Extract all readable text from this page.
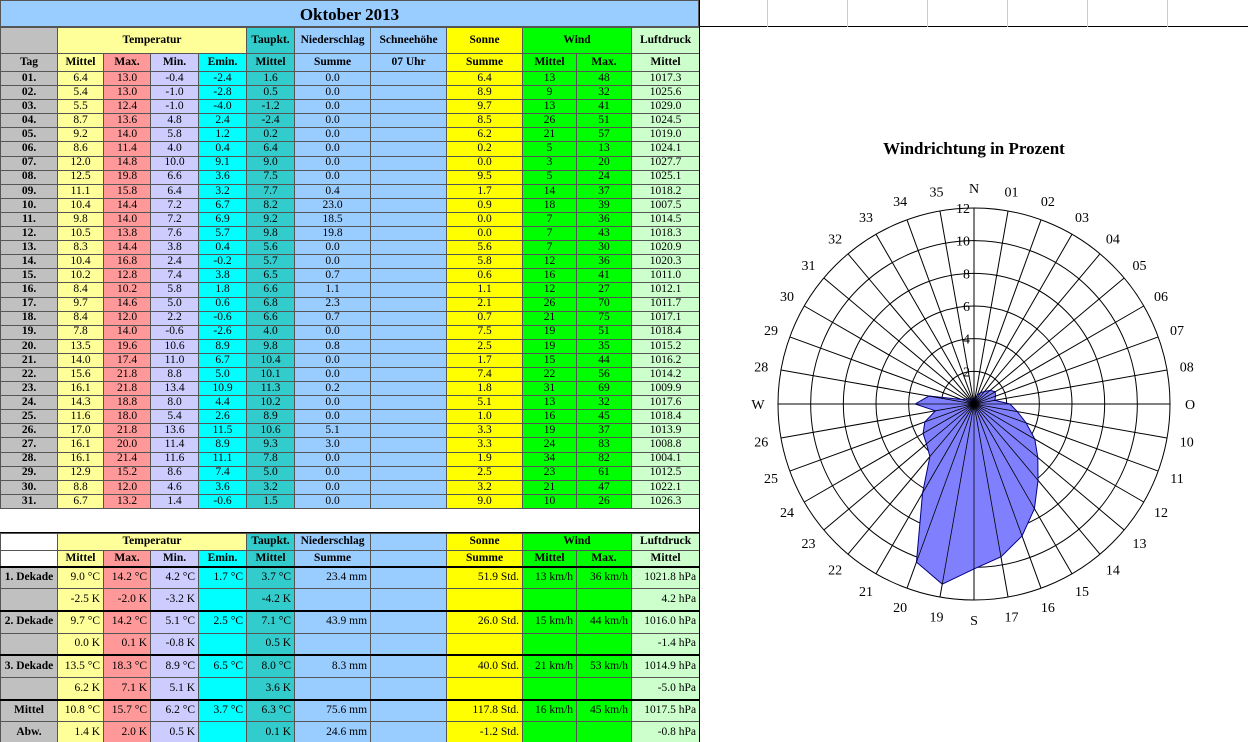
Oktober 2013
	Temperatur				Taupkt.	Niederschlag	Schneehöhe	Sonne	Wind		Luftdruck
Tag	Mittel	Max.	Min.	Emin.	Mittel	Summe	07 Uhr	Summe	Mittel	Max.	Mittel
01.	6.4	13.0	-0.4	-2.4	1.6	0.0		6.4	13	48	1017.3
02.	5.4	13.0	-1.0	-2.8	0.5	0.0		8.9	9	32	1025.6
03.	5.5	12.4	-1.0	-4.0	-1.2	0.0		9.7	13	41	1029.0
04.	8.7	13.6	4.8	2.4	-2.4	0.0		8.5	26	51	1024.5
05.	9.2	14.0	5.8	1.2	0.2	0.0		6.2	21	57	1019.0
06.	8.6	11.4	4.0	0.4	6.4	0.0		0.2	5	13	1024.1
07.	12.0	14.8	10.0	9.1	9.0	0.0		0.0	3	20	1027.7
08.	12.5	19.8	6.6	3.6	7.5	0.0		9.5	5	24	1025.1
09.	11.1	15.8	6.4	3.2	7.7	0.4		1.7	14	37	1018.2
10.	10.4	14.4	7.2	6.7	8.2	23.0		0.9	18	39	1007.5
11.	9.8	14.0	7.2	6.9	9.2	18.5		0.0	7	36	1014.5
12.	10.5	13.8	7.6	5.7	9.8	19.8		0.0	7	43	1018.3
13.	8.3	14.4	3.8	0.4	5.6	0.0		5.6	7	30	1020.9
14.	10.4	16.8	2.4	-0.2	5.7	0.0		5.8	12	36	1020.3
15.	10.2	12.8	7.4	3.8	6.5	0.7		0.6	16	41	1011.0
16.	8.4	10.2	5.8	1.8	6.6	1.1		1.1	12	27	1012.1
17.	9.7	14.6	5.0	0.6	6.8	2.3		2.1	26	70	1011.7
18.	8.4	12.0	2.2	-0.6	6.6	0.7		0.7	21	75	1017.1
19.	7.8	14.0	-0.6	-2.6	4.0	0.0		7.5	19	51	1018.4
20.	13.5	19.6	10.6	8.9	9.8	0.8		2.5	19	35	1015.2
21.	14.0	17.4	11.0	6.7	10.4	0.0		1.7	15	44	1016.2
22.	15.6	21.8	8.8	5.0	10.1	0.0		7.4	22	56	1014.2
23.	16.1	21.8	13.4	10.9	11.3	0.2		1.8	31	69	1009.9
24.	14.3	18.8	8.0	4.4	10.2	0.0		5.1	13	32	1017.6
25.	11.6	18.0	5.4	2.6	8.9	0.0		1.0	16	45	1018.4
26.	17.0	21.8	13.6	11.5	10.6	5.1		3.3	19	37	1013.9
27.	16.1	20.0	11.4	8.9	9.3	3.0		3.3	24	83	1008.8
28.	16.1	21.4	11.6	11.1	7.8	0.0		1.9	34	82	1004.1
29.	12.9	15.2	8.6	7.4	5.0	0.0		2.5	23	61	1012.5
30.	8.8	12.0	4.6	3.6	3.2	0.0		3.2	21	47	1022.1
31.	6.7	13.2	1.4	-0.6	1.5	0.0		9.0	10	26	1026.3
	Temperatur				Taupkt.	Niederschlag		Sonne	Wind		Luftdruck
	Mittel	Max.	Min.	Emin.	Mittel	Summe		Summe	Mittel	Max.	Mittel
1. Dekade	9.0 °C	14.2 °C	4.2 °C	1.7 °C	3.7 °C	23.4 mm		51.9 Std.	13 km/h	36 km/h	1021.8 hPa
	-2.5 K	-2.0 K	-3.2 K		-4.2 K						4.2 hPa
2. Dekade	9.7 °C	14.2 °C	5.1 °C	2.5 °C	7.1 °C	43.9 mm		26.0 Std.	15 km/h	44 km/h	1016.0 hPa
	0.0 K	0.1 K	-0.8 K		0.5 K						-1.4 hPa
3. Dekade	13.5 °C	18.3 °C	8.9 °C	6.5 °C	8.0 °C	8.3 mm		40.0 Std.	21 km/h	53 km/h	1014.9 hPa
	6.2 K	7.1 K	5.1 K		3.6 K						-5.0 hPa
Mittel	10.8 °C	15.7 °C	6.2 °C	3.7 °C	6.3 °C	75.6 mm		117.8 Std.	16 km/h	45 km/h	1017.5 hPa
Abw.	1.4 K	2.0 K	0.5 K		0.1 K	24.6 mm		-1.2 Std.			-0.8 hPa
Windrichtung in Prozent
2
4
6
8
10
12
N 01
02
03
04
05
06
07
08
O
10
11
12
13
14
15
16
17
S
19
20
21
22
23
24
25
26
W
28
29
30
31
32
33
34
35
